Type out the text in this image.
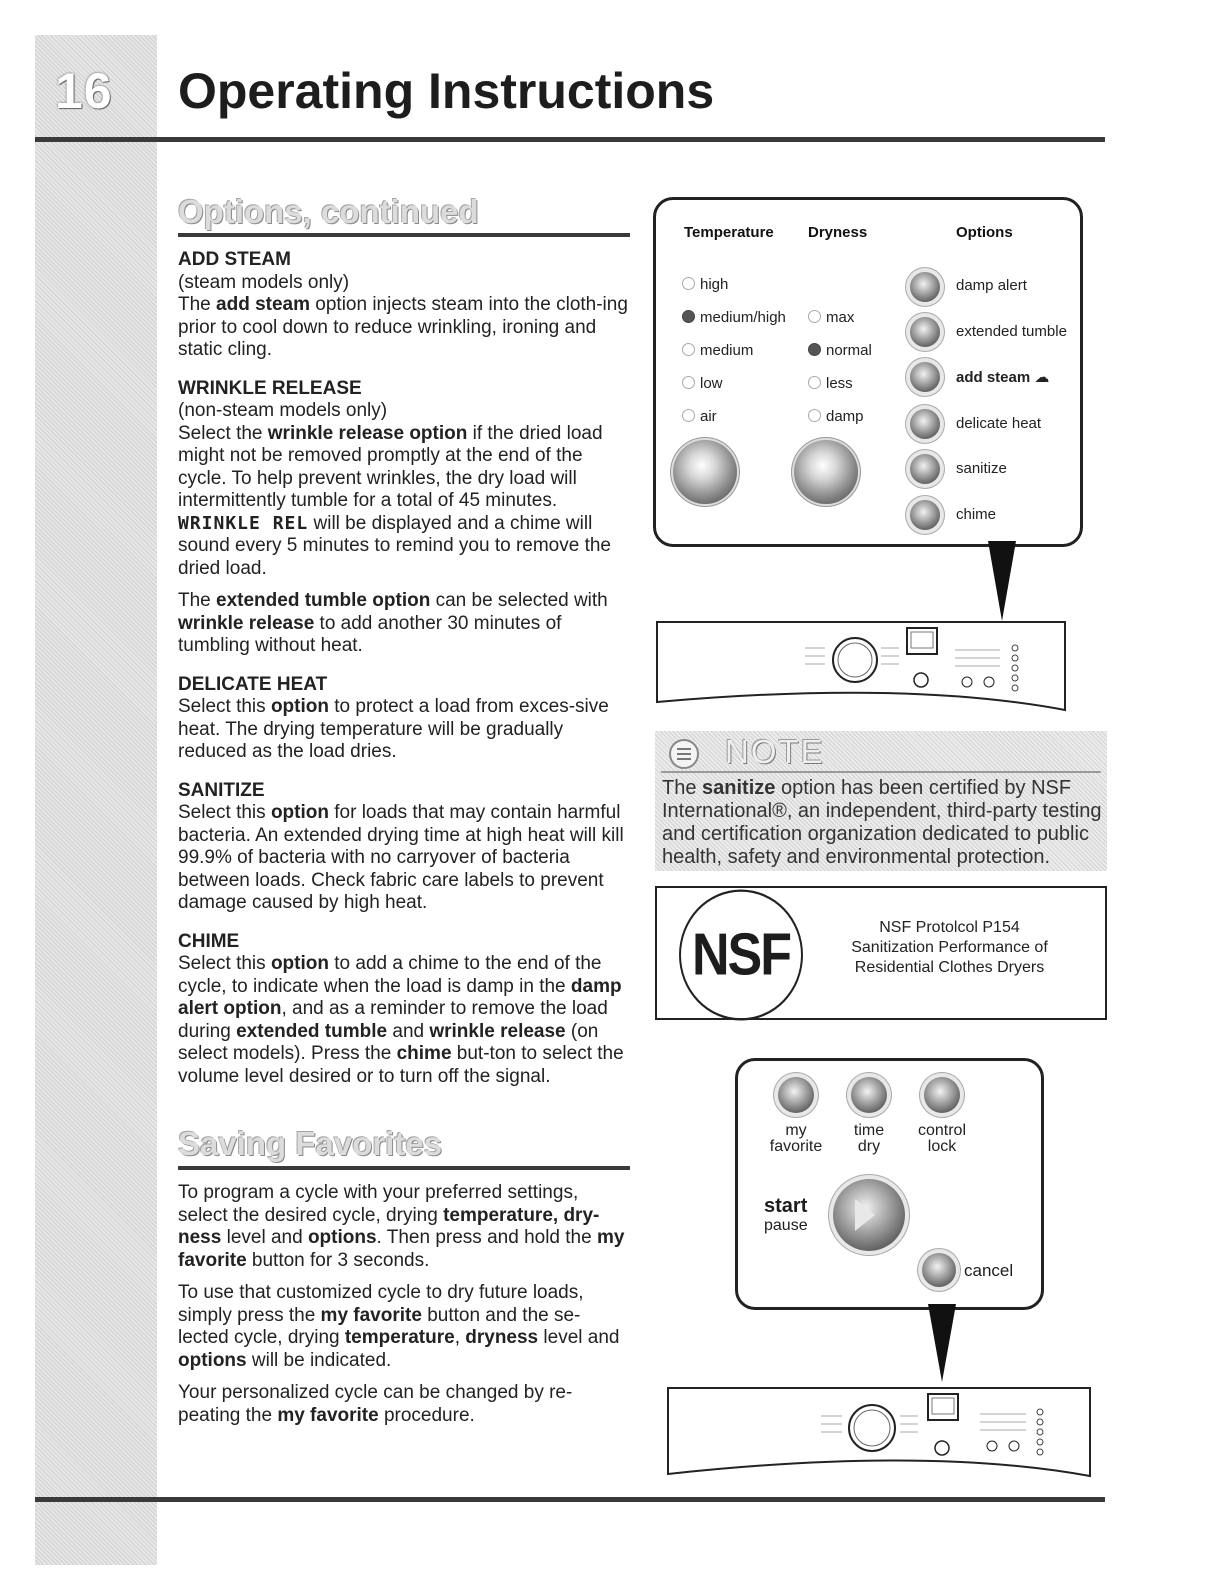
16 Operating Instructions
Options, continued
ADD STEAM
(steam models only)

The add steam option injects steam into the cloth-ing prior to cool down to reduce wrinkling, ironing and static cling.

WRINKLE RELEASE
(non-steam models only)

Select the wrinkle release option if the dried load might not be removed promptly at the end of the cycle. To help prevent wrinkles, the dry load will intermittently tumble for a total of 45 minutes. WRINKLE REL will be displayed and a chime will sound every 5 minutes to remind you to remove the dried load.

The extended tumble option can be selected with wrinkle release to add another 30 minutes of tumbling without heat.

DELICATE HEAT

Select this option to protect a load from exces-sive heat. The drying temperature will be gradually reduced as the load dries.

SANITIZE

Select this option for loads that may contain harmful bacteria. An extended drying time at high heat will kill 99.9% of bacteria with no carryover of bacteria between loads. Check fabric care labels to prevent damage caused by high heat.

CHIME

Select this option to add a chime to the end of the cycle, to indicate when the load is damp in the damp alert option, and as a reminder to remove the load during extended tumble and wrinkle release (on select models). Press the chime but-ton to select the volume level desired or to turn off the signal.

Saving Favorites

To program a cycle with your preferred settings, select the desired cycle, drying temperature, dry-ness level and options. Then press and hold the my favorite button for 3 seconds.

To use that customized cycle to dry future loads, simply press the my favorite button and the se-lected cycle, drying temperature, dryness level and options will be indicated.

Your personalized cycle can be changed by re-peating the my favorite procedure.

Temperature Dryness	Options
high
medium/high
medium
low
air
max
normal
less
damp
damp alert
extended tumble
add steam ☁
delicate heat
sanitize
chime
NOTE
The sanitize option has been certified by NSF International®, an independent, third-party testing and certification organization dedicated to public health, safety and environmental protection.
NSF	NSF Protolcol P154
Sanitization Performance of
Residential Clothes Dryers
my
favorite
time
dry
control
lock
start
pause
cancel
